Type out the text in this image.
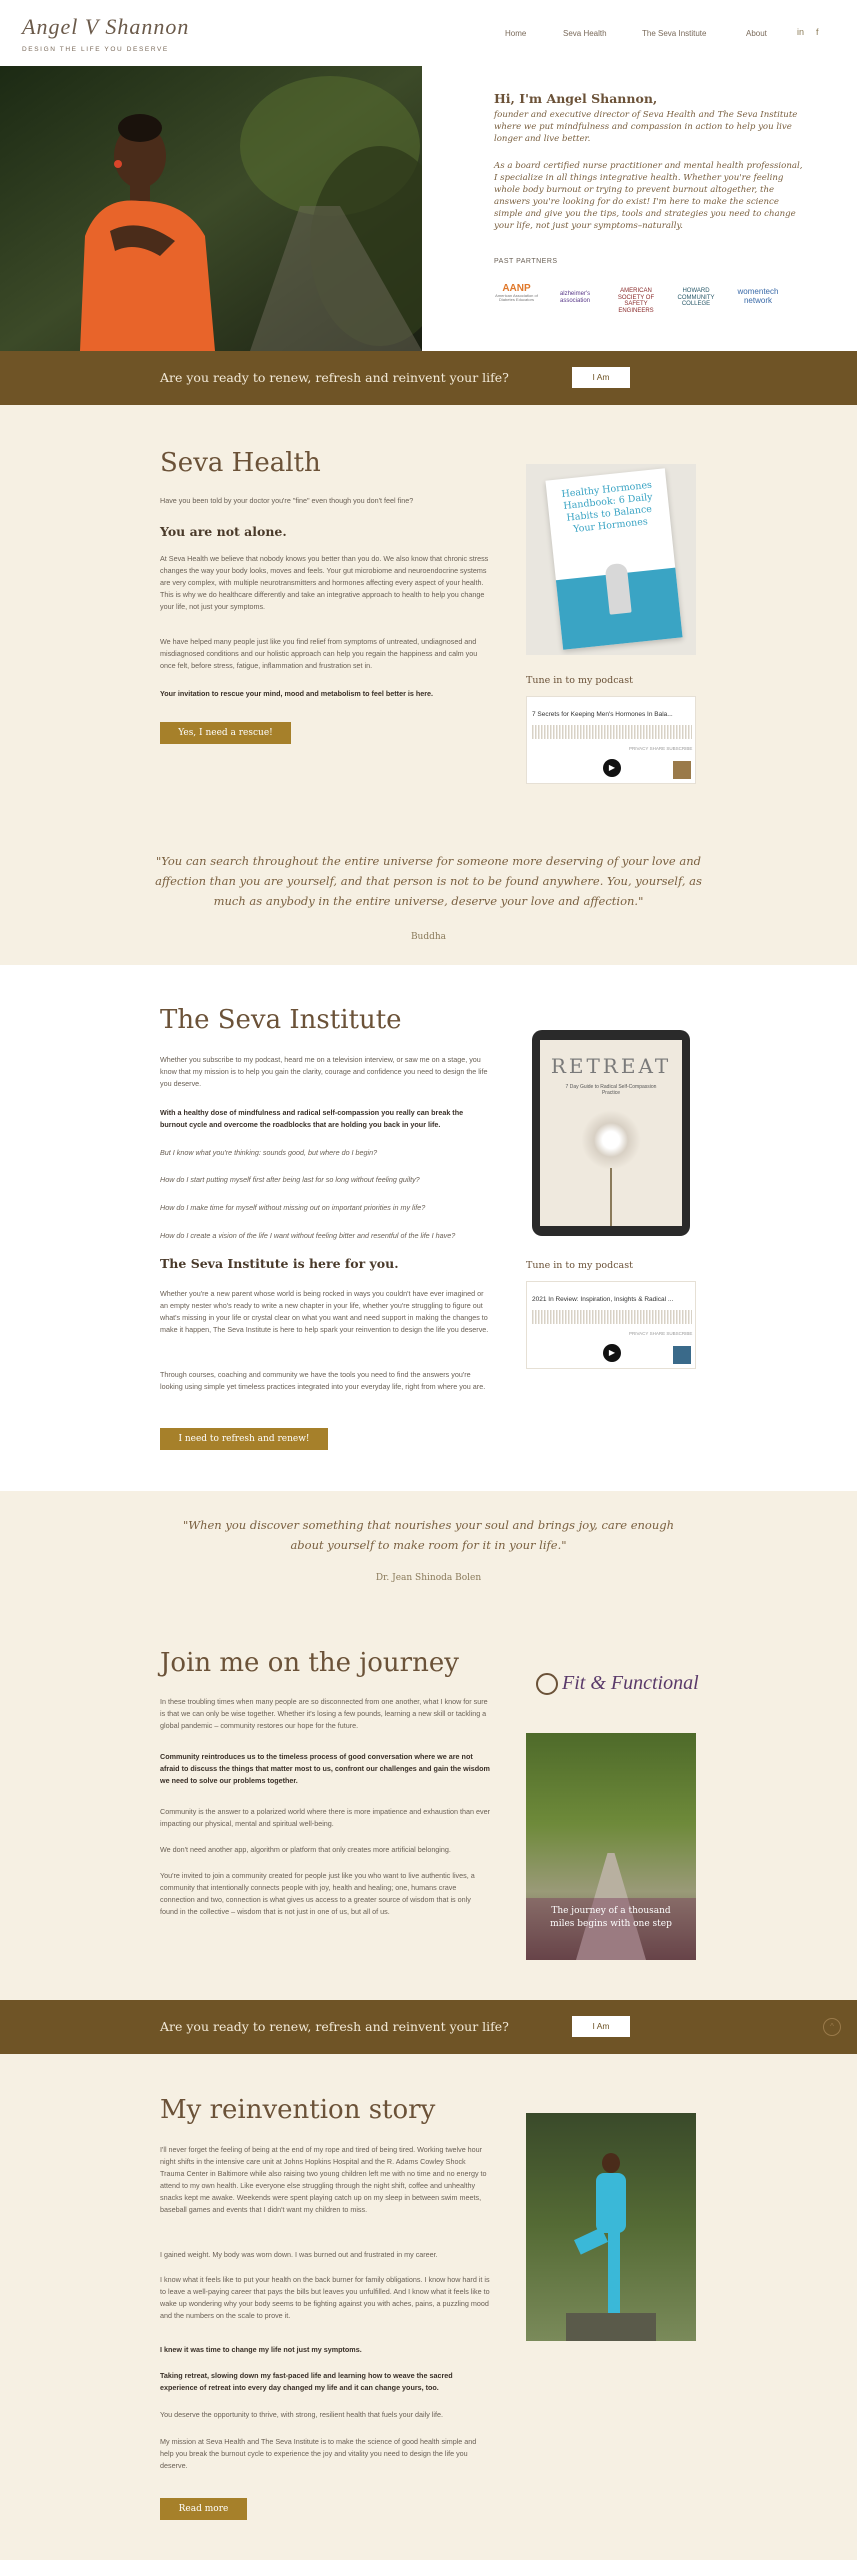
Angel V Shannon
DESIGN THE LIFE YOU DESERVE
Home	Seva Health	The Seva Institute	About	in f
Hi, I'm Angel Shannon,
founder and executive director of Seva Health and The Seva Institute where we put mindfulness and compassion in action to help you live longer and live better.
As a board certified nurse practitioner and mental health professional, I specialize in all things integrative health. Whether you're feeling whole body burnout or trying to prevent burnout altogether, the answers you're looking for do exist! I'm here to make the science simple and give you the tips, tools and strategies you need to change your life, not just your symptoms–naturally.
PAST PARTNERS
AANP
American Association of Diabetes Educators
alzheimer's association
AMERICAN SOCIETY OF SAFETY ENGINEERS
HOWARD COMMUNITY COLLEGE
womentech network
Are you ready to renew, refresh and reinvent your life?	I Am
Seva Health
Have you been told by your doctor you're "fine" even though you don't feel fine?
You are not alone.
At Seva Health we believe that nobody knows you better than you do. We also know that chronic stress changes the way your body looks, moves and feels. Your gut microbiome and neuroendocrine systems are very complex, with multiple neurotransmitters and hormones affecting every aspect of your health. This is why we do healthcare differently and take an integrative approach to health to help you change your life, not just your symptoms.
We have helped many people just like you find relief from symptoms of untreated, undiagnosed and misdiagnosed conditions and our holistic approach can help you regain the happiness and calm you once felt, before stress, fatigue, inflammation and frustration set in.
Your invitation to rescue your mind, mood and metabolism to feel better is here.
Yes, I need a rescue!
Healthy Hormones Handbook: 6 Daily Habits to Balance Your Hormones
Tune in to my podcast
7 Secrets for Keeping Men's Hormones In Bala...
PRIVACY SHARE SUBSCRIBE
▶
"You can search throughout the entire universe for someone more deserving of your love and affection than you are yourself, and that person is not to be found anywhere. You, yourself, as much as anybody in the entire universe, deserve your love and affection."
Buddha
The Seva Institute
Whether you subscribe to my podcast, heard me on a television interview, or saw me on a stage, you know that my mission is to help you gain the clarity, courage and confidence you need to design the life you deserve.
With a healthy dose of mindfulness and radical self-compassion you really can break the burnout cycle and overcome the roadblocks that are holding you back in your life.
But I know what you're thinking: sounds good, but where do I begin?
How do I start putting myself first after being last for so long without feeling guilty?
How do I make time for myself without missing out on important priorities in my life?
How do I create a vision of the life I want without feeling bitter and resentful of the life I have?
The Seva Institute is here for you.
Whether you're a new parent whose world is being rocked in ways you couldn't have ever imagined or an empty nester who's ready to write a new chapter in your life, whether you're struggling to figure out what's missing in your life or crystal clear on what you want and need support in making the changes to make it happen, The Seva Institute is here to help spark your reinvention to design the life you deserve.
Through courses, coaching and community we have the tools you need to find the answers you're looking using simple yet timeless practices integrated into your everyday life, right from where you are.
I need to refresh and renew!
RETREAT
7 Day Guide to Radical Self-Compassion Practice
Tune in to my podcast
2021 In Review: Inspiration, Insights & Radical ...
PRIVACY SHARE SUBSCRIBE
▶
"When you discover something that nourishes your soul and brings joy, care enough about yourself to make room for it in your life."
Dr. Jean Shinoda Bolen
Join me on the journey
In these troubling times when many people are so disconnected from one another, what I know for sure is that we can only be wise together. Whether it's losing a few pounds, learning a new skill or tackling a global pandemic – community restores our hope for the future.
Community reintroduces us to the timeless process of good conversation where we are not afraid to discuss the things that matter most to us, confront our challenges and gain the wisdom we need to solve our problems together.
Community is the answer to a polarized world where there is more impatience and exhaustion than ever impacting our physical, mental and spiritual well-being.
We don't need another app, algorithm or platform that only creates more artificial belonging.
You're invited to join a community created for people just like you who want to live authentic lives, a community that intentionally connects people with joy, health and healing; one, humans crave connection and two, connection is what gives us access to a greater source of wisdom that is only found in the collective – wisdom that is not just in one of us, but all of us.
Fit & Functional
The journey of a thousand miles begins with one step
Are you ready to renew, refresh and reinvent your life?	I Am	^
My reinvention story
I'll never forget the feeling of being at the end of my rope and tired of being tired. Working twelve hour night shifts in the intensive care unit at Johns Hopkins Hospital and the R. Adams Cowley Shock Trauma Center in Baltimore while also raising two young children left me with no time and no energy to attend to my own health. Like everyone else struggling through the night shift, coffee and unhealthy snacks kept me awake. Weekends were spent playing catch up on my sleep in between swim meets, baseball games and events that I didn't want my children to miss.
I gained weight. My body was worn down. I was burned out and frustrated in my career.
I know what it feels like to put your health on the back burner for family obligations. I know how hard it is to leave a well-paying career that pays the bills but leaves you unfulfilled. And I know what it feels like to wake up wondering why your body seems to be fighting against you with aches, pains, a puzzling mood and the numbers on the scale to prove it.
I knew it was time to change my life not just my symptoms.
Taking retreat, slowing down my fast-paced life and learning how to weave the sacred experience of retreat into every day changed my life and it can change yours, too.
You deserve the opportunity to thrive, with strong, resilient health that fuels your daily life.
My mission at Seva Health and The Seva Institute is to make the science of good health simple and help you break the burnout cycle to experience the joy and vitality you need to design the life you deserve.
Read more
